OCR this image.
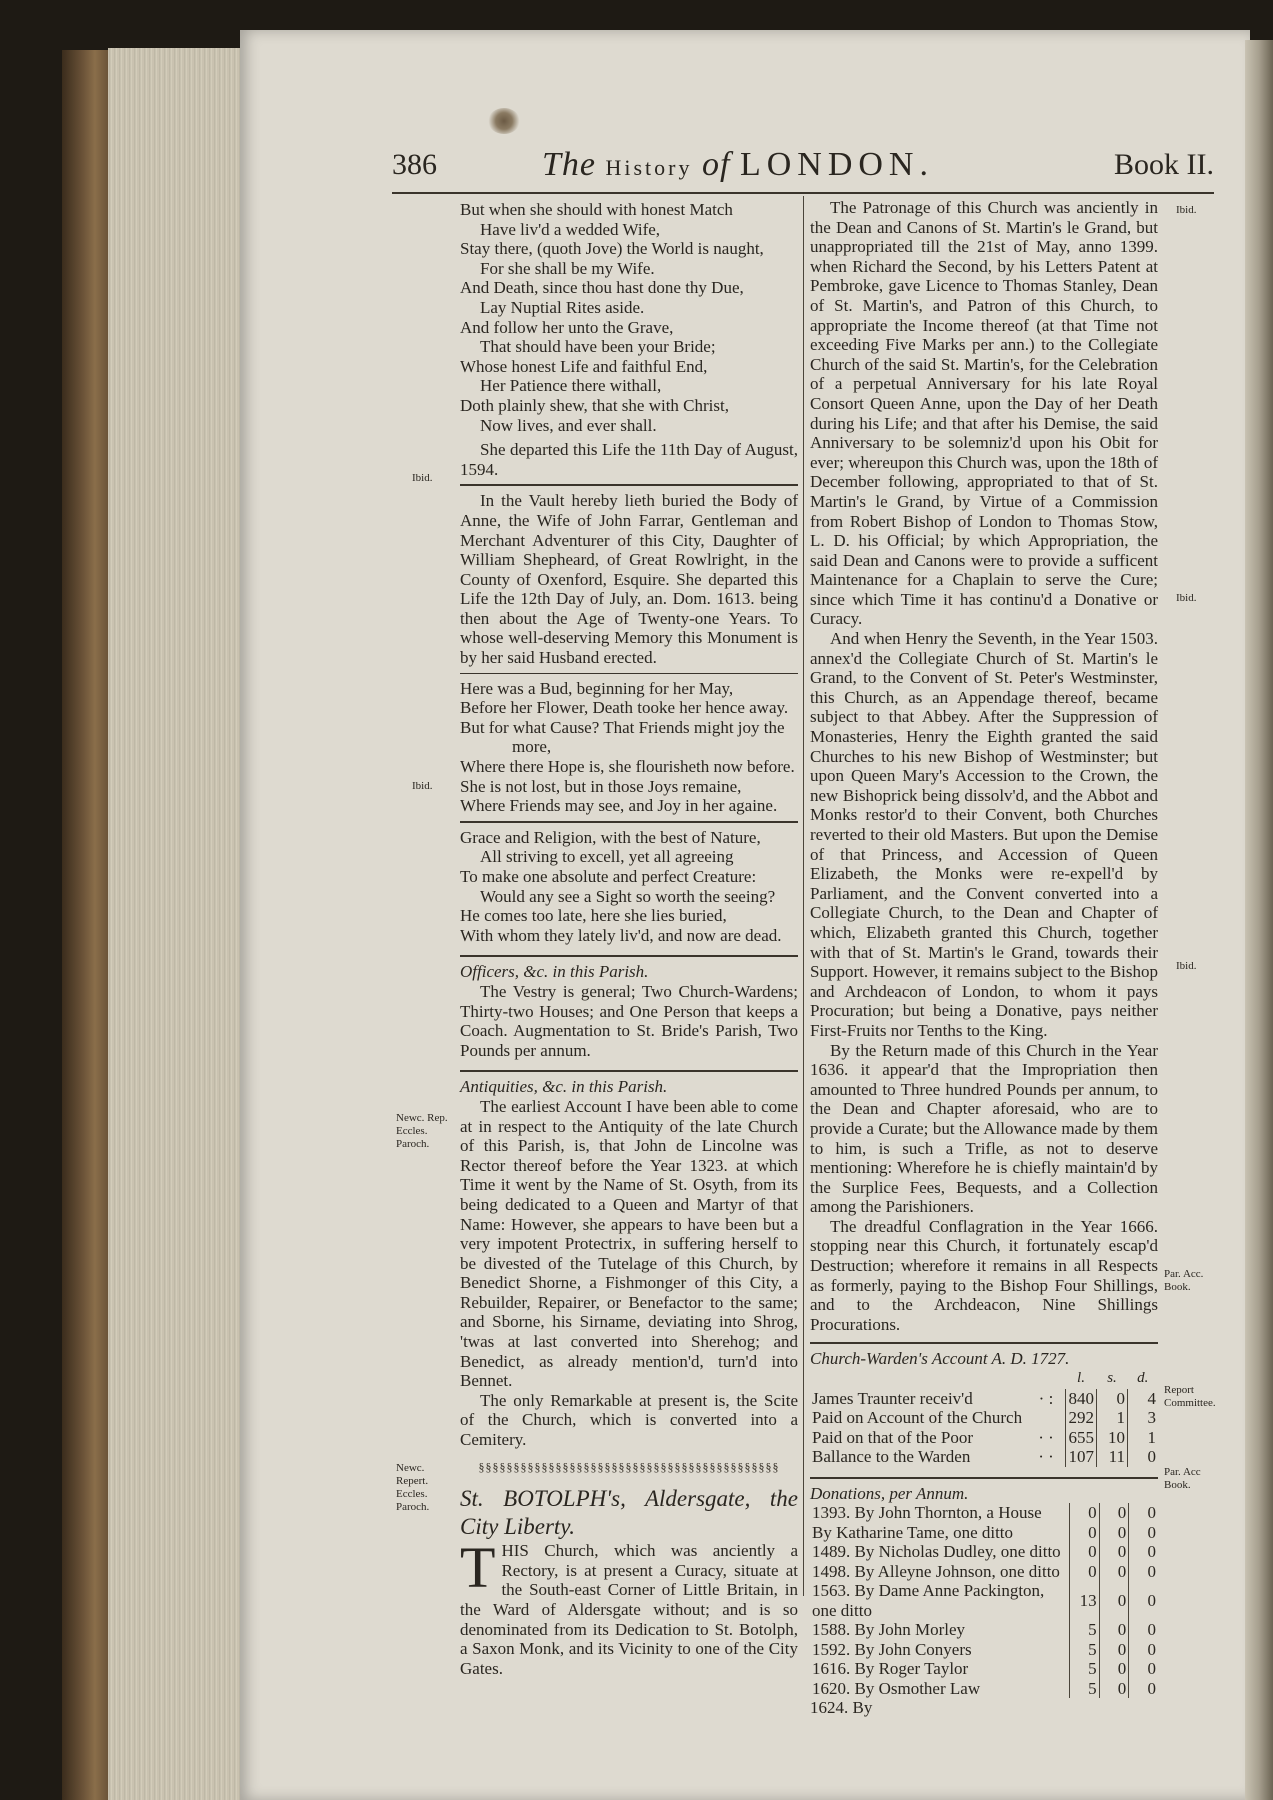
386	The History of LONDON.	Book II.
Ibid.
Ibid.
Newc. Rep. Eccles. Paroch.
Newc. Repert. Eccles. Paroch.
Ibid.
Ibid.
Ibid.
Par. Acc. Book.
Report Committee.
Par. Acc Book.
But when she should with honest Match
Have liv'd a wedded Wife,
Stay there, (quoth Jove) the World is naught,
For she shall be my Wife.
And Death, since thou hast done thy Due,
Lay Nuptial Rites aside.
And follow her unto the Grave,
That should have been your Bride;
Whose honest Life and faithful End,
Her Patience there withall,
Doth plainly shew, that she with Christ,
Now lives, and ever shall.

She departed this Life the 11th Day of August, 1594.

In the Vault hereby lieth buried the Body of Anne, the Wife of John Farrar, Gentleman and Merchant Adventurer of this City, Daughter of William Shepheard, of Great Rowlright, in the County of Oxenford, Esquire. She departed this Life the 12th Day of July, an. Dom. 1613. being then about the Age of Twenty-one Years. To whose well-deserving Memory this Monument is by her said Husband erected.

Here was a Bud, beginning for her May,
Before her Flower, Death tooke her hence away.
But for what Cause? That Friends might joy the
more,
Where there Hope is, she flourisheth now before.
She is not lost, but in those Joys remaine,
Where Friends may see, and Joy in her againe.
Grace and Religion, with the best of Nature,
All striving to excell, yet all agreeing
To make one absolute and perfect Creature:
Would any see a Sight so worth the seeing?
He comes too late, here she lies buried,
With whom they lately liv'd, and now are dead.

Officers, &c. in this Parish.

The Vestry is general; Two Church-Wardens; Thirty-two Houses; and One Person that keeps a Coach. Augmentation to St. Bride's Parish, Two Pounds per annum.

Antiquities, &c. in this Parish.

The earliest Account I have been able to come at in respect to the Antiquity of the late Church of this Parish, is, that John de Lincolne was Rector thereof before the Year 1323. at which Time it went by the Name of St. Osyth, from its being dedicated to a Queen and Martyr of that Name: However, she appears to have been but a very impotent Protectrix, in suffering herself to be divested of the Tutelage of this Church, by Benedict Shorne, a Fishmonger of this City, a Rebuilder, Repairer, or Benefactor to the same; and Sborne, his Sirname, deviating into Shrog, 'twas at last converted into Sherehog; and Benedict, as already mention'd, turn'd into Bennet.

The only Remarkable at present is, the Scite of the Church, which is converted into a Cemitery.

§§§§§§§§§§§§§§§§§§§§§§§§§§§§§§§§§§§§§§§§§§§

St. BOTOLPH's, Aldersgate, the City Liberty.

THIS Church, which was anciently a Rectory, is at present a Curacy, situate at the South-east Corner of Little Britain, in the Ward of Aldersgate without; and is so denominated from its Dedication to St. Botolph, a Saxon Monk, and its Vicinity to one of the City Gates.

The Patronage of this Church was anciently in the Dean and Canons of St. Martin's le Grand, but unappropriated till the 21st of May, anno 1399. when Richard the Second, by his Letters Patent at Pembroke, gave Licence to Thomas Stanley, Dean of St. Martin's, and Patron of this Church, to appropriate the Income thereof (at that Time not exceeding Five Marks per ann.) to the Collegiate Church of the said St. Martin's, for the Celebration of a perpetual Anniversary for his late Royal Consort Queen Anne, upon the Day of her Death during his Life; and that after his Demise, the said Anniversary to be solemniz'd upon his Obit for ever; whereupon this Church was, upon the 18th of December following, appropriated to that of St. Martin's le Grand, by Virtue of a Commission from Robert Bishop of London to Thomas Stow, L. D. his Official; by which Appropriation, the said Dean and Canons were to provide a sufficent Maintenance for a Chaplain to serve the Cure; since which Time it has continu'd a Donative or Curacy.

And when Henry the Seventh, in the Year 1503. annex'd the Collegiate Church of St. Martin's le Grand, to the Convent of St. Peter's Westminster, this Church, as an Appendage thereof, became subject to that Abbey. After the Suppression of Monasteries, Henry the Eighth granted the said Churches to his new Bishop of Westminster; but upon Queen Mary's Accession to the Crown, the new Bishoprick being dissolv'd, and the Abbot and Monks restor'd to their Convent, both Churches reverted to their old Masters. But upon the Demise of that Princess, and Accession of Queen Elizabeth, the Monks were re-expell'd by Parliament, and the Convent converted into a Collegiate Church, to the Dean and Chapter of which, Elizabeth granted this Church, together with that of St. Martin's le Grand, towards their Support. However, it remains subject to the Bishop and Archdeacon of London, to whom it pays Procuration; but being a Donative, pays neither First-Fruits nor Tenths to the King.

By the Return made of this Church in the Year 1636. it appear'd that the Impropriation then amounted to Three hundred Pounds per annum, to the Dean and Chapter aforesaid, who are to provide a Curate; but the Allowance made by them to him, is such a Trifle, as not to deserve mentioning: Wherefore he is chiefly maintain'd by the Surplice Fees, Bequests, and a Collection among the Parishioners.

The dreadful Conflagration in the Year 1666. stopping near this Church, it fortunately escap'd Destruction; wherefore it remains in all Respects as formerly, paying to the Bishop Four Shillings, and to the Archdeacon, Nine Shillings Procurations.

Church-Warden's Account A. D. 1727.

		l.	s.	d.
James Traunter receiv'd	· :	840	0	4
Paid on Account of the Church		292	1	3
Paid on that of the Poor	· ·	655	10	1
Ballance to the Warden	· ·	107	11	0

Donations, per Annum.

1393. By John Thornton, a House	0	0	0
By Katharine Tame, one ditto	0	0	0
1489. By Nicholas Dudley, one ditto	0	0	0
1498. By Alleyne Johnson, one ditto	0	0	0
1563. By Dame Anne Packington, one ditto	13	0	0
1588. By John Morley	5	0	0
1592. By John Conyers	5	0	0
1616. By Roger Taylor	5	0	0
1620. By Osmother Law	5	0	0

1624. By
